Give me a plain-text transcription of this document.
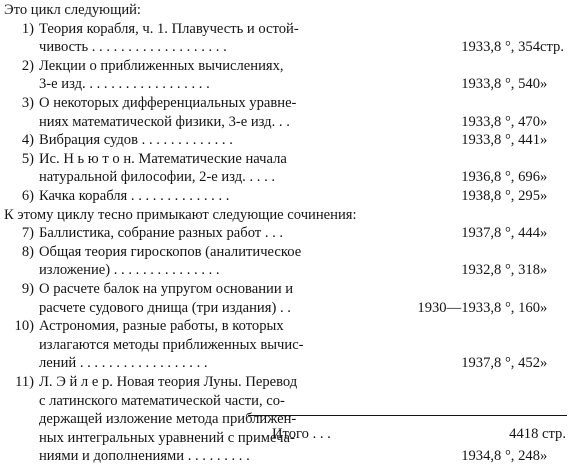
Это цикл следующий:
1) Теория корабля, ч. 1. Плавучесть и остой-
чивость . . . . . . . . . . . . . . . . . . .	1933,8 °, 354 стр.
2) Лекции о приближенных вычислениях,
3-е изд. . . . . . . . . . . . . . . . . .	1933,8 °, 540 »
3) О некоторых дифференциальных уравне-
ниях математической физики, 3-е изд. . .	1933,8 °, 470 »
4) Вибрация судов . . . . . . . . . . . . .	1933,8 °, 441 »
5) Ис. Н ь ю т о н. Математические начала
натуральной философии, 2-е изд. . . . .	1936,8 °, 696 »
6) Качка корабля . . . . . . . . . . . . . .	1938,8 °, 295 »
К этому циклу тесно примыкают следующие сочинения:
7) Баллистика, собрание разных работ . . .	1937,8 °, 444 »
8) Общая теория гироскопов (аналитическое
изложение) . . . . . . . . . . . . . . .	1932,8 °, 318 »
9) О расчете балок на упругом основании и
расчете судового днища (три издания) . .	1930—1933,8 °, 160 »
10) Астрономия, разные работы, в которых
излагаются методы приближенных вычис-
лений . . . . . . . . . . . . . . . . . .	1937,8 °, 452 »
11) Л. Э й л е р. Новая теория Луны. Перевод
с латинского математической части, со-
держащей изложение метода приближен-
ных интегральных уравнений с примеча-
ниями и дополнениями . . . . . . . . .	1934,8 °, 248 »
Итого . . .	4418 стр.
